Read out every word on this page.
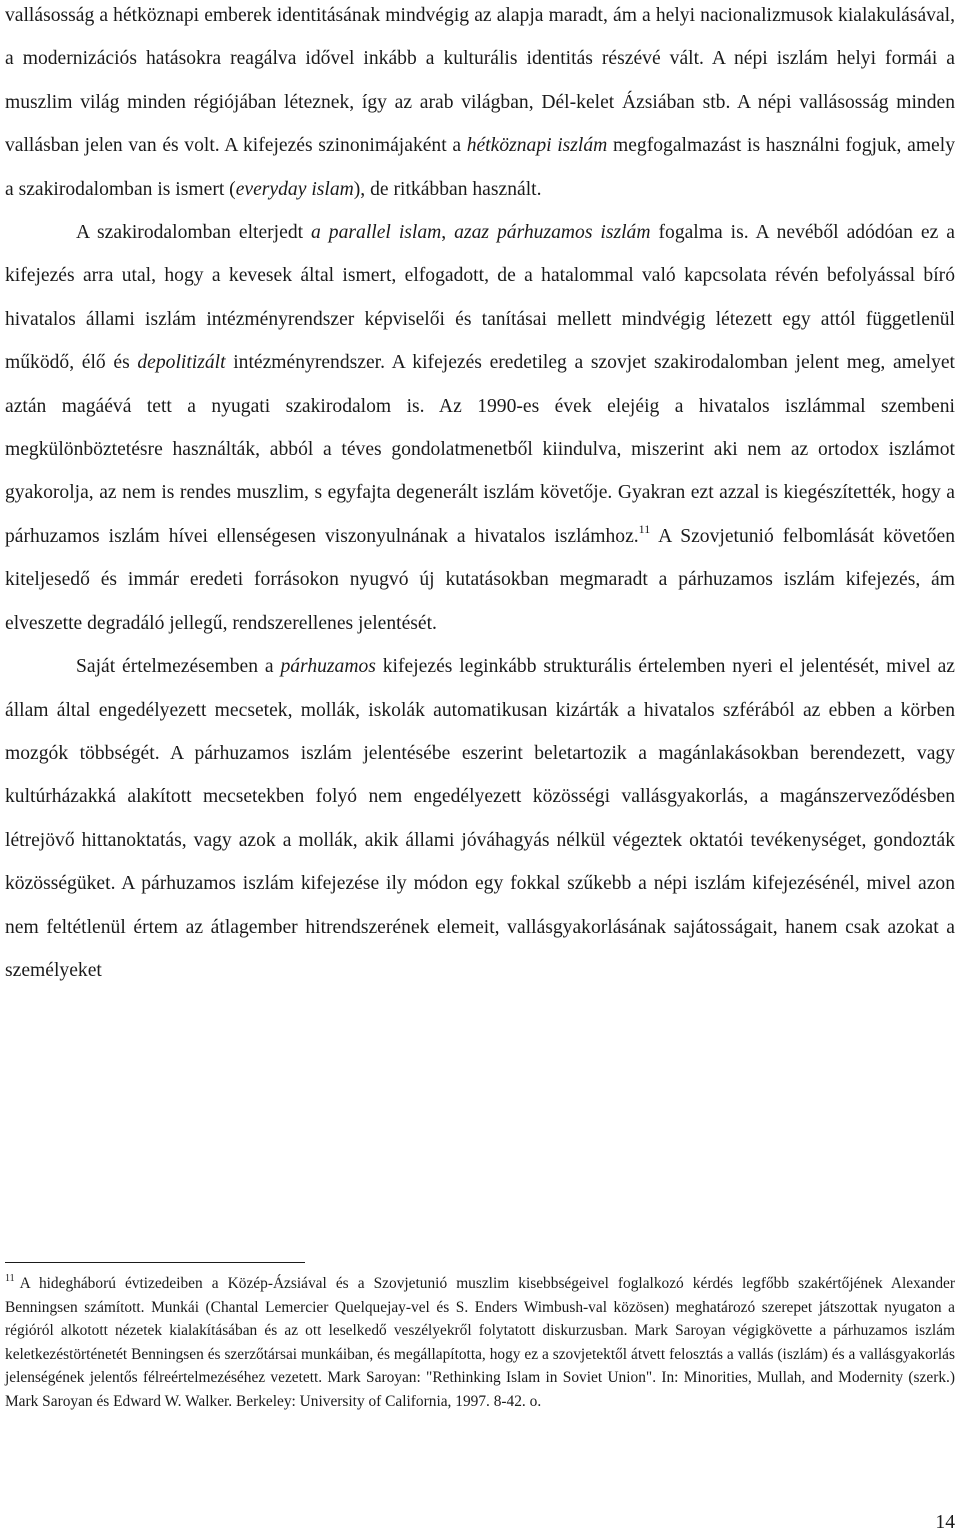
vallásosság a hétköznapi emberek identitásának mindvégig az alapja maradt, ám a helyi nacionalizmusok kialakulásával, a modernizációs hatásokra reagálva idővel inkább a kulturális identitás részévé vált. A népi iszlám helyi formái a muszlim világ minden régiójában léteznek, így az arab világban, Dél-kelet Ázsiában stb. A népi vallásosság minden vallásban jelen van és volt. A kifejezés szinonimájaként a hétköznapi iszlám megfogalmazást is használni fogjuk, amely a szakirodalomban is ismert (everyday islam), de ritkábban használt.

A szakirodalomban elterjedt a parallel islam, azaz párhuzamos iszlám fogalma is. A nevéből adódóan ez a kifejezés arra utal, hogy a kevesek által ismert, elfogadott, de a hatalommal való kapcsolata révén befolyással bíró hivatalos állami iszlám intézményrendszer képviselői és tanításai mellett mindvégig létezett egy attól függetlenül működő, élő és depolitizált intézményrendszer. A kifejezés eredetileg a szovjet szakirodalomban jelent meg, amelyet aztán magáévá tett a nyugati szakirodalom is. Az 1990-es évek elejéig a hivatalos iszlámmal szembeni megkülönböztetésre használták, abból a téves gondolatmenetből kiindulva, miszerint aki nem az ortodox iszlámot gyakorolja, az nem is rendes muszlim, s egyfajta degenerált iszlám követője. Gyakran ezt azzal is kiegészítették, hogy a párhuzamos iszlám hívei ellenségesen viszonyulnának a hivatalos iszlámhoz.$^{11}$ A Szovjetunió felbomlását követően kiteljesedő és immár eredeti forrásokon nyugvó új kutatásokban megmaradt a párhuzamos iszlám kifejezés, ám elveszette degradáló jellegű, rendszerellenes jelentését.

Saját értelmezésemben a párhuzamos kifejezés leginkább strukturális értelemben nyeri el jelentését, mivel az állam által engedélyezett mecsetek, mollák, iskolák automatikusan kizárták a hivatalos szférából az ebben a körben mozgók többségét. A párhuzamos iszlám jelentésébe eszerint beletartozik a magánlakásokban berendezett, vagy kultúrházakká alakított mecsetekben folyó nem engedélyezett közösségi vallásgyakorlás, a magánszerveződésben létrejövő hittanoktatás, vagy azok a mollák, akik állami jóváhagyás nélkül végeztek oktatói tevékenységet, gondozták közösségüket. A párhuzamos iszlám kifejezése ily módon egy fokkal szűkebb a népi iszlám kifejezésénél, mivel azon nem feltétlenül értem az átlagember hitrendszerének elemeit, vallásgyakorlásának sajátosságait, hanem csak azokat a személyeket

$^{11}$ A hidegháború évtizedeiben a Közép-Ázsiával és a Szovjetunió muszlim kisebbségeivel foglalkozó kérdés legfőbb szakértőjének Alexander Benningsen számított. Munkái (Chantal Lemercier Quelquejay-vel és S. Enders Wimbush-val közösen) meghatározó szerepet játszottak nyugaton a régióról alkotott nézetek kialakításában és az ott leselkedő veszélyekről folytatott diskurzusban. Mark Saroyan végigkövette a párhuzamos iszlám keletkezéstörténetét Benningsen és szerzőtársai munkáiban, és megállapította, hogy ez a szovjetektől átvett felosztás a vallás (iszlám) és a vallásgyakorlás jelenségének jelentős félreértelmezéséhez vezetett. Mark Saroyan: "Rethinking Islam in Soviet Union". In: Minorities, Mullah, and Modernity (szerk.) Mark Saroyan és Edward W. Walker. Berkeley: University of California, 1997. 8-42. o.

14
